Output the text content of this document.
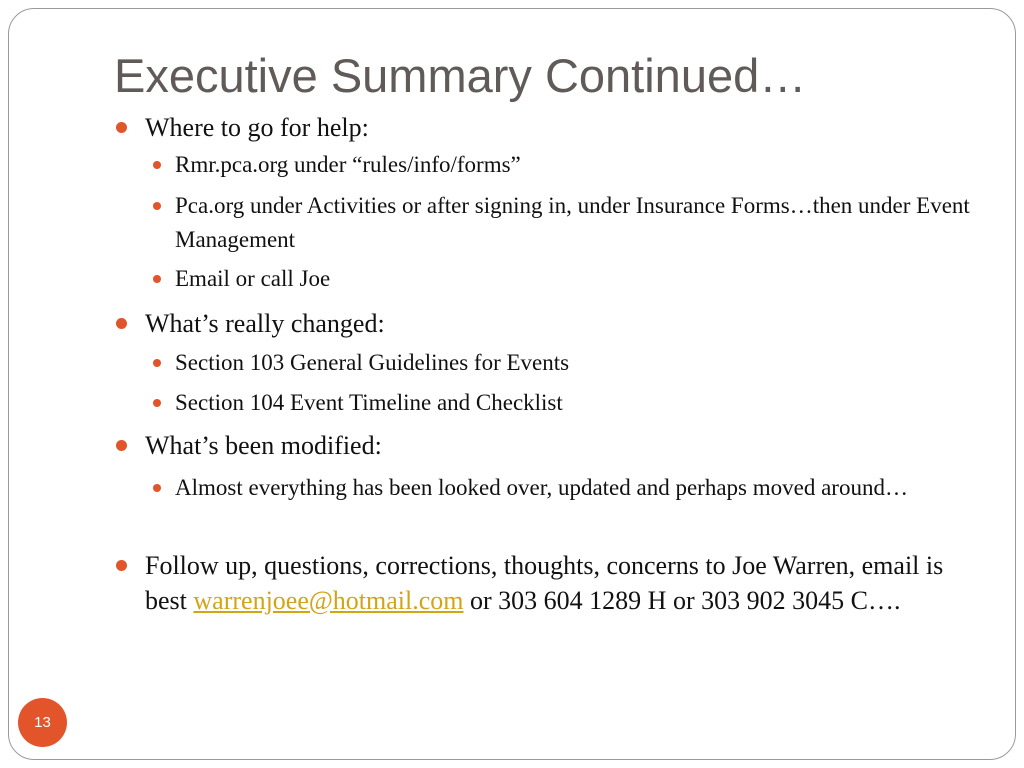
Executive Summary Continued…

Where to go for help:

Rmr.pca.org under “rules/info/forms”

Pca.org under Activities or after signing in, under Insurance Forms…then under Event Management

Email or call Joe

What’s really changed:

Section 103 General Guidelines for Events

Section 104 Event Timeline and Checklist

What’s been modified:

Almost everything has been looked over, updated and perhaps moved around…

Follow up, questions, corrections, thoughts, concerns to Joe Warren, email is best warrenjoee@hotmail.com or 303 604 1289 H or 303 902 3045 C….

13
